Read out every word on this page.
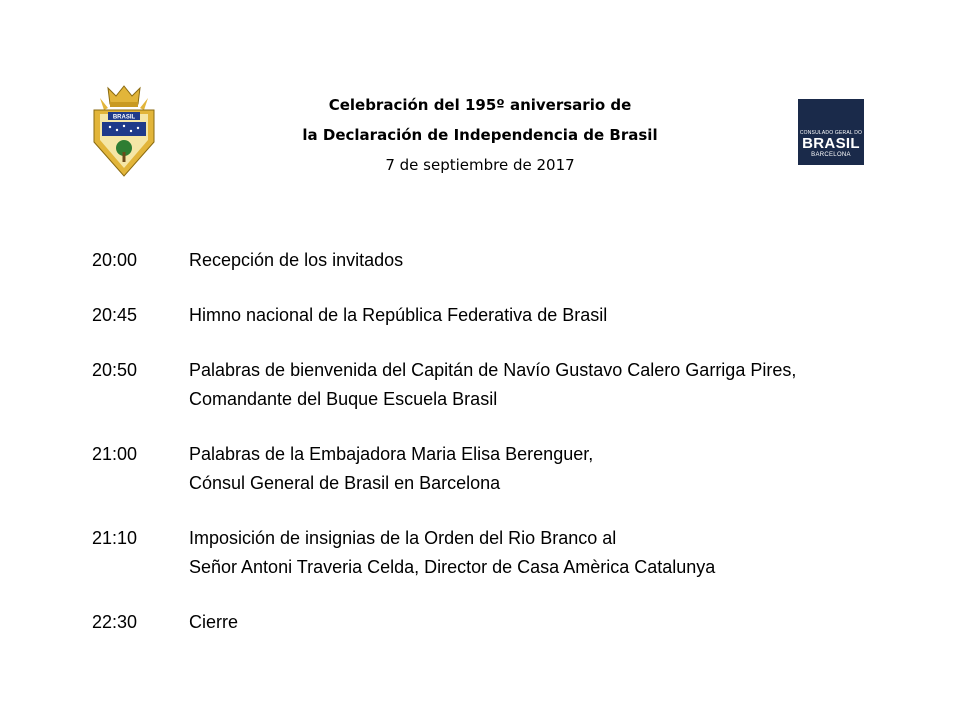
BRASIL
CONSULADO GERAL DO
BRASIL
BARCELONA
Celebración del 195º aniversario de
la Declaración de Independencia de Brasil
7 de septiembre de 2017
20:00	Recepción de los invitados
20:45	Himno nacional de la República Federativa de Brasil
20:50	Palabras de bienvenida del Capitán de Navío Gustavo Calero Garriga Pires,
Comandante del Buque Escuela Brasil
21:00	Palabras de la Embajadora Maria Elisa Berenguer,
Cónsul General de Brasil en Barcelona
21:10	Imposición de insignias de la Orden del Rio Branco al
Señor Antoni Traveria Celda, Director de Casa Amèrica Catalunya
22:30	Cierre
